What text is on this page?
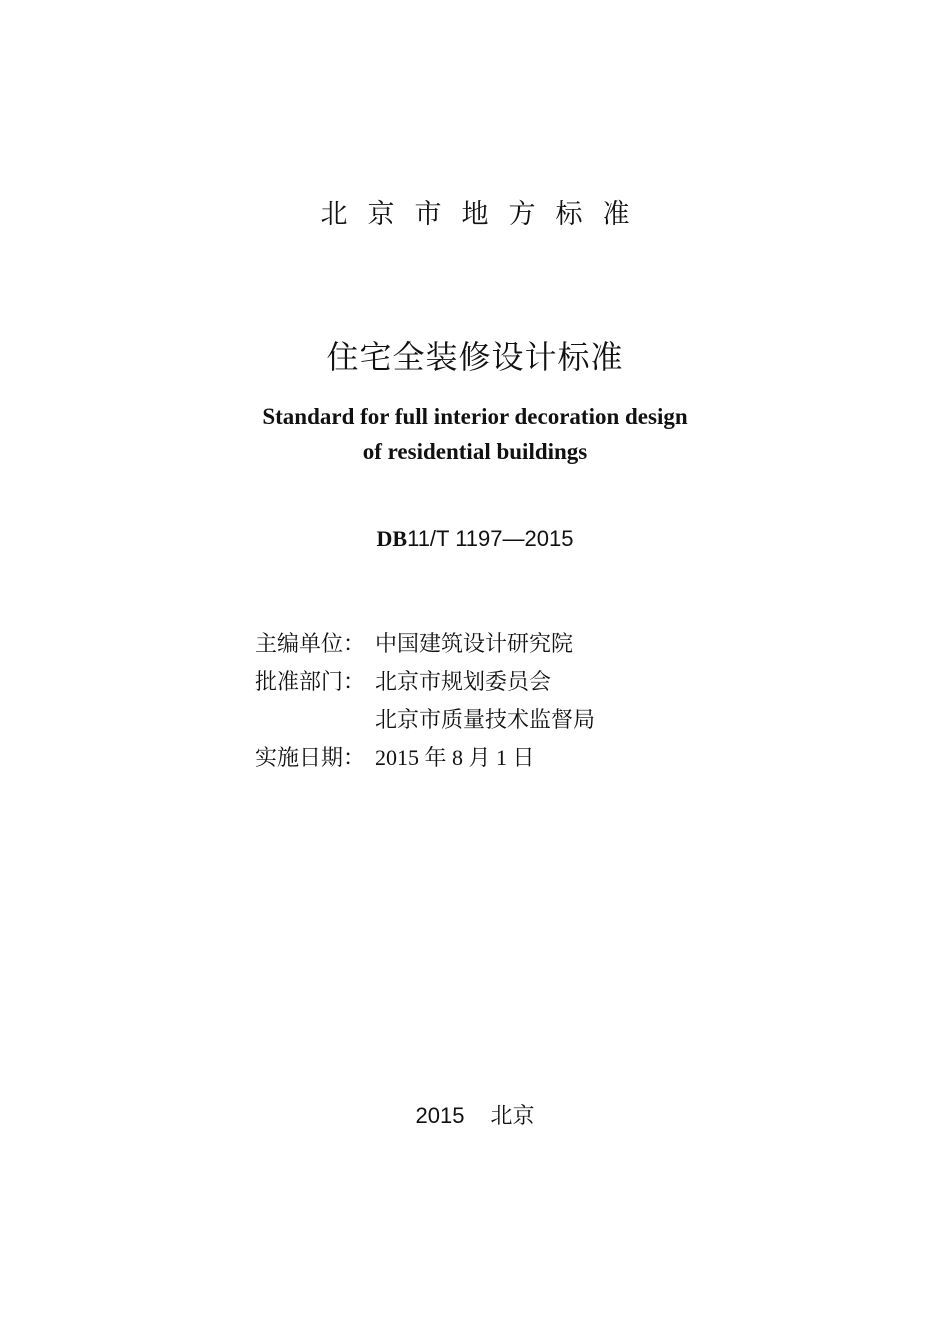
北京市地方标准
住宅全装修设计标准
Standard for full interior decoration design
of residential buildings
DB11/T 1197—2015
主编单位： 中国建筑设计研究院
批准部门： 北京市规划委员会
北京市质量技术监督局
实施日期： 2015 年 8 月 1 日
2015 北京
